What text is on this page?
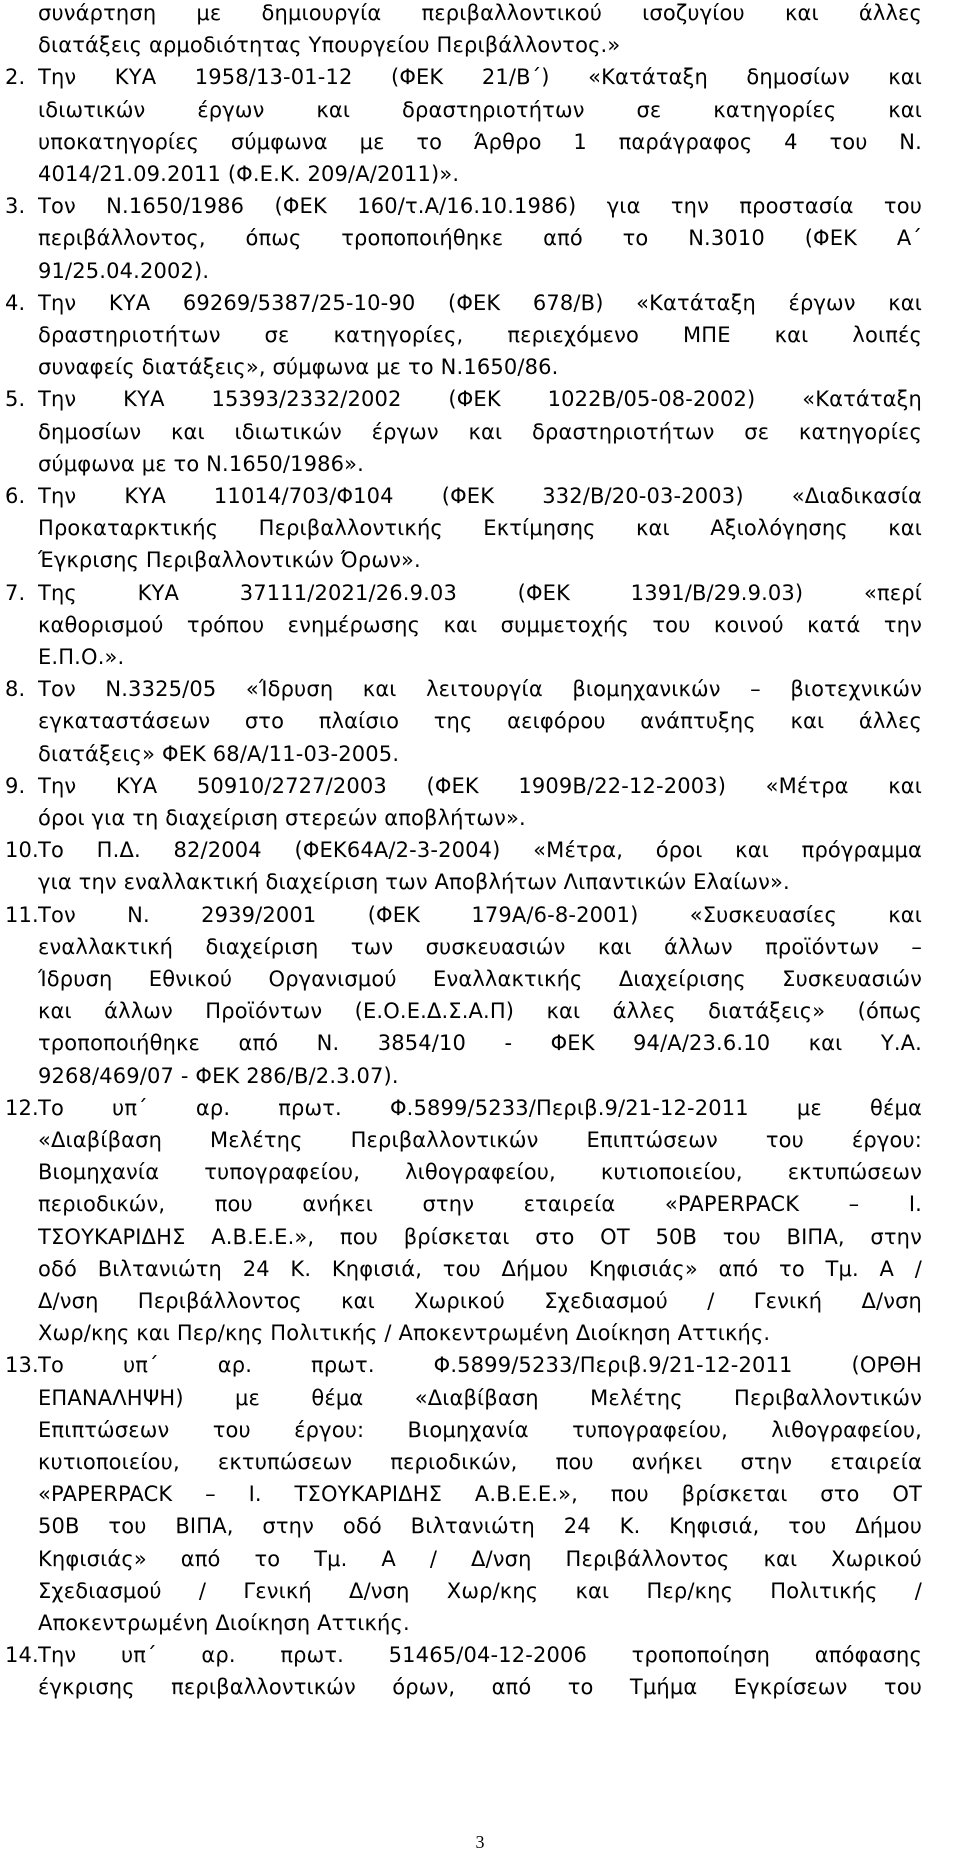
συνάρτηση με δημιουργία περιβαλλοντικού ισοζυγίου και άλλες
διατάξεις αρμοδιότητας Υπουργείου Περιβάλλοντος.»
2. Την ΚΥΑ 1958/13-01-12 (ΦΕΚ 21/Β΄) «Κατάταξη δημοσίων και
ιδιωτικών έργων και δραστηριοτήτων σε κατηγορίες και
υποκατηγορίες σύμφωνα με το Άρθρο 1 παράγραφος 4 του Ν.
4014/21.09.2011 (Φ.Ε.Κ. 209/Α/2011)».
3. Τον Ν.1650/1986 (ΦΕΚ 160/τ.Α/16.10.1986) για την προστασία του
περιβάλλοντος, όπως τροποποιήθηκε από το Ν.3010 (ΦΕΚ Α΄
91/25.04.2002).
4. Την ΚΥΑ 69269/5387/25-10-90 (ΦΕΚ 678/Β) «Κατάταξη έργων και
δραστηριοτήτων σε κατηγορίες, περιεχόμενο ΜΠΕ και λοιπές
συναφείς διατάξεις», σύμφωνα με το Ν.1650/86.
5. Την ΚΥΑ 15393/2332/2002 (ΦΕΚ 1022Β/05-08-2002) «Κατάταξη
δημοσίων και ιδιωτικών έργων και δραστηριοτήτων σε κατηγορίες
σύμφωνα με το Ν.1650/1986».
6. Την ΚΥΑ 11014/703/Φ104 (ΦΕΚ 332/Β/20-03-2003) «Διαδικασία
Προκαταρκτικής Περιβαλλοντικής Εκτίμησης και Αξιολόγησης και
Έγκρισης Περιβαλλοντικών Όρων».
7. Της ΚΥΑ 37111/2021/26.9.03 (ΦΕΚ 1391/Β/29.9.03) «περί
καθορισμού τρόπου ενημέρωσης και συμμετοχής του κοινού κατά την
Ε.Π.Ο.».
8. Τον Ν.3325/05 «Ίδρυση και λειτουργία βιομηχανικών – βιοτεχνικών
εγκαταστάσεων στο πλαίσιο της αειφόρου ανάπτυξης και άλλες
διατάξεις» ΦΕΚ 68/Α/11-03-2005.
9. Την ΚΥΑ 50910/2727/2003 (ΦΕΚ 1909Β/22-12-2003) «Μέτρα και
όροι για τη διαχείριση στερεών αποβλήτων».
10. Το Π.Δ. 82/2004 (ΦΕΚ64Α/2-3-2004) «Μέτρα, όροι και πρόγραμμα
για την εναλλακτική διαχείριση των Αποβλήτων Λιπαντικών Ελαίων».
11. Τον Ν. 2939/2001 (ΦΕΚ 179Α/6-8-2001) «Συσκευασίες και
εναλλακτική διαχείριση των συσκευασιών και άλλων προϊόντων –
Ίδρυση Εθνικού Οργανισμού Εναλλακτικής Διαχείρισης Συσκευασιών
και άλλων Προϊόντων (Ε.Ο.Ε.Δ.Σ.Α.Π) και άλλες διατάξεις» (όπως
τροποποιήθηκε από Ν. 3854/10 - ΦΕΚ 94/Α/23.6.10 και Υ.Α.
9268/469/07 - ΦΕΚ 286/Β/2.3.07).
12. Το υπ΄ αρ. πρωτ. Φ.5899/5233/Περιβ.9/21-12-2011 με θέμα
«Διαβίβαση Μελέτης Περιβαλλοντικών Επιπτώσεων του έργου:
Βιομηχανία τυπογραφείου, λιθογραφείου, κυτιοποιείου, εκτυπώσεων
περιοδικών, που ανήκει στην εταιρεία «PAPERPACK – Ι.
ΤΣΟΥΚΑΡΙΔΗΣ Α.Β.Ε.Ε.», που βρίσκεται στο ΟΤ 50Β του ΒΙΠΑ, στην
οδό Βιλτανιώτη 24 Κ. Κηφισιά, του Δήμου Κηφισιάς» από το Τμ. Α /
Δ/νση Περιβάλλοντος και Χωρικού Σχεδιασμού / Γενική Δ/νση
Χωρ/κης και Περ/κης Πολιτικής / Αποκεντρωμένη Διοίκηση Αττικής.
13. Το υπ΄ αρ. πρωτ. Φ.5899/5233/Περιβ.9/21-12-2011 (ΟΡΘΗ
ΕΠΑΝΑΛΗΨΗ) με θέμα «Διαβίβαση Μελέτης Περιβαλλοντικών
Επιπτώσεων του έργου: Βιομηχανία τυπογραφείου, λιθογραφείου,
κυτιοποιείου, εκτυπώσεων περιοδικών, που ανήκει στην εταιρεία
«PAPERPACK – Ι. ΤΣΟΥΚΑΡΙΔΗΣ Α.Β.Ε.Ε.», που βρίσκεται στο ΟΤ
50Β του ΒΙΠΑ, στην οδό Βιλτανιώτη 24 Κ. Κηφισιά, του Δήμου
Κηφισιάς» από το Τμ. Α / Δ/νση Περιβάλλοντος και Χωρικού
Σχεδιασμού / Γενική Δ/νση Χωρ/κης και Περ/κης Πολιτικής /
Αποκεντρωμένη Διοίκηση Αττικής.
14. Την υπ΄ αρ. πρωτ. 51465/04-12-2006 τροποποίηση απόφασης
έγκρισης περιβαλλοντικών όρων, από το Τμήμα Εγκρίσεων του
3
